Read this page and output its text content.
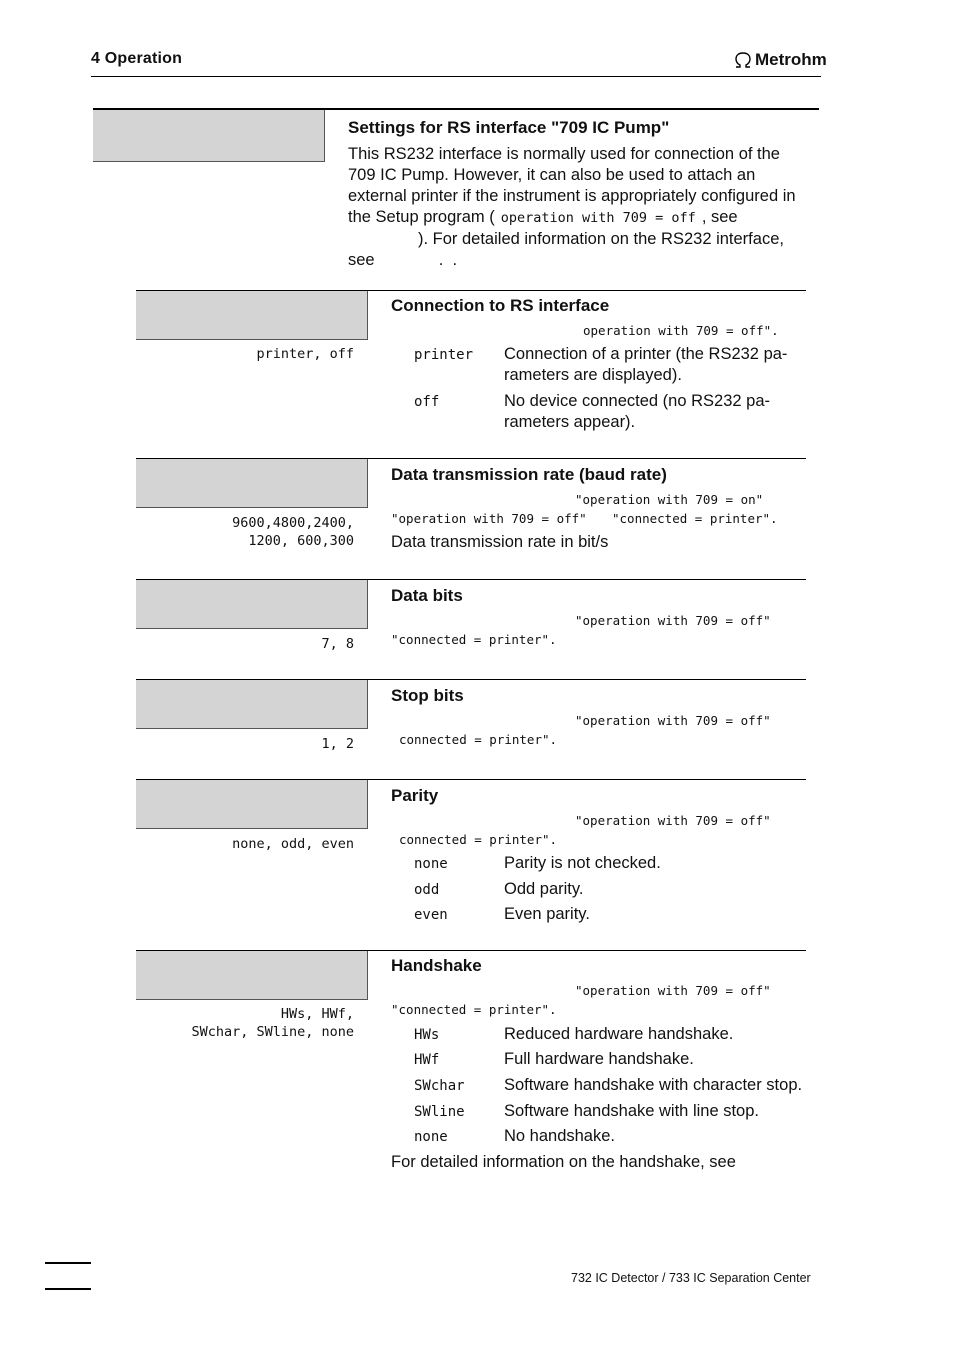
4 Operation	Metrohm
Settings for RS interface "709 IC Pump"
This RS232 interface is normally used for connection of the
709 IC Pump. However, it can also be used to attach an
external printer if the instrument is appropriately configured in
the Setup program ( operation with 709 = off , see
). For detailed information on the RS232 interface,
see              .  .
Connection to RS interface
operation with 709 = off".
printer, off	printer Connection of a printer (the RS232 pa-
rameters are displayed).
off	No device connected (no RS232 pa-
rameters appear).
Data transmission rate (baud rate)
"operation with 709 = on"
"operation with 709 = off" "connected = printer".
9600,4800,2400,
1200, 600,300 Data transmission rate in bit/s
Data bits
"operation with 709 = off"
"connected = printer".
7, 8
Stop bits
"operation with 709 = off"
connected = printer".
1, 2
Parity
"operation with 709 = off"
connected = printer".
none, odd, even
none	Parity is not checked.
odd	Odd parity.
even	Even parity.
Handshake
"operation with 709 = off"
"connected = printer".
HWs, HWf,
SWchar, SWline, none	HWs	Reduced hardware handshake.
HWf	Full hardware handshake.
SWchar Software handshake with character stop.
SWline Software handshake with line stop.
none	No handshake.
For detailed information on the handshake, see
732 IC Detector / 733 IC Separation Center
